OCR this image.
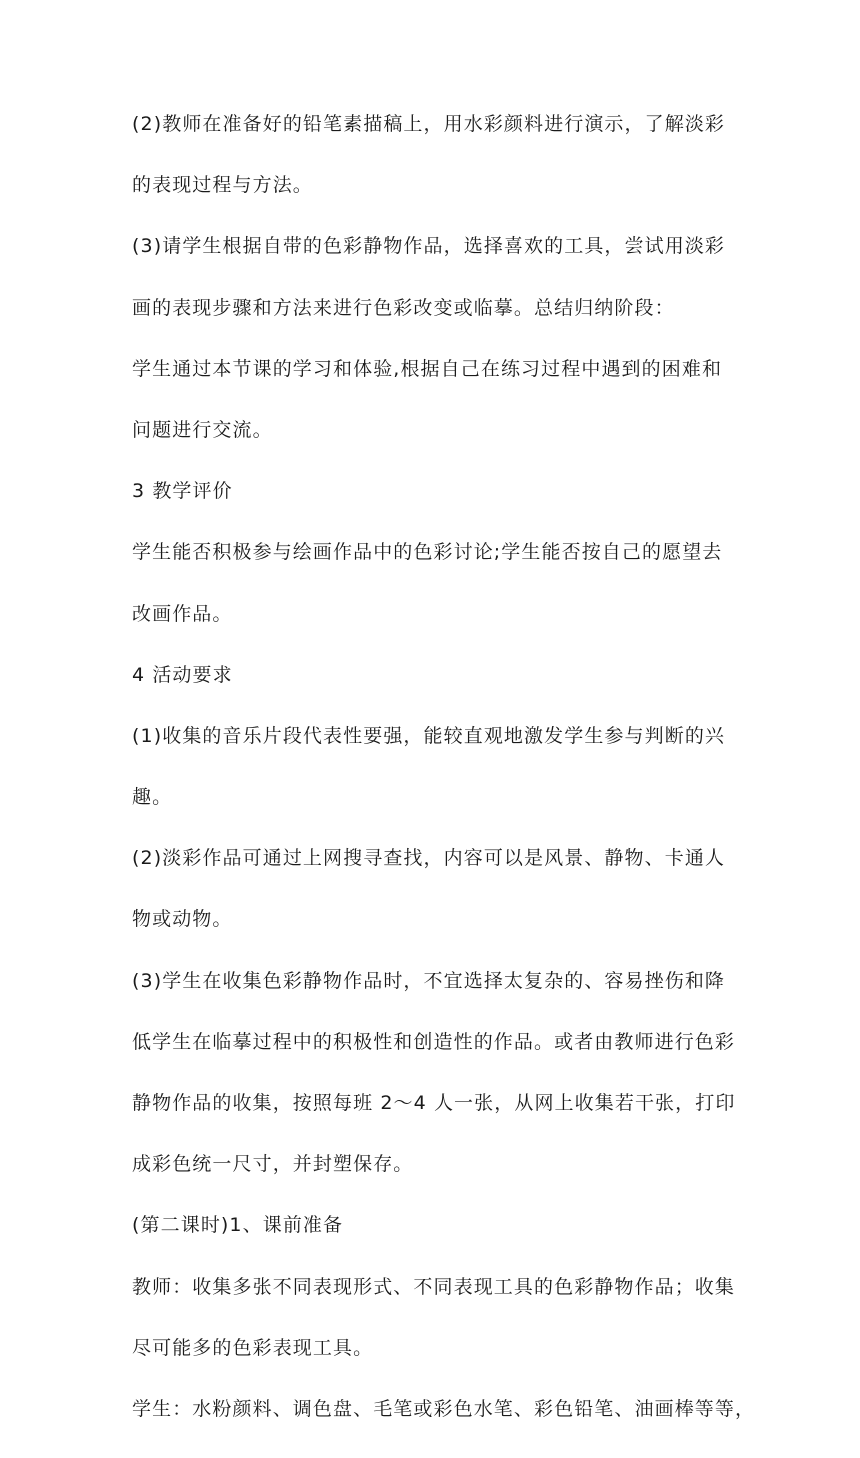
(2)教师在准备好的铅笔素描稿上，用水彩颜料进行演示，了解淡彩
的表现过程与方法。
(3)请学生根据自带的色彩静物作品，选择喜欢的工具，尝试用淡彩
画的表现步骤和方法来进行色彩改变或临摹。总结归纳阶段：
学生通过本节课的学习和体验,根据自己在练习过程中遇到的困难和
问题进行交流。
3 教学评价
学生能否积极参与绘画作品中的色彩讨论;学生能否按自己的愿望去
改画作品。
4 活动要求
(1)收集的音乐片段代表性要强，能较直观地激发学生参与判断的兴
趣。
(2)淡彩作品可通过上网搜寻查找，内容可以是风景、静物、卡通人
物或动物。
(3)学生在收集色彩静物作品时，不宜选择太复杂的、容易挫伤和降
低学生在临摹过程中的积极性和创造性的作品。或者由教师进行色彩
静物作品的收集，按照每班 2～4 人一张，从网上收集若干张，打印
成彩色统一尺寸，并封塑保存。
(第二课时)1、课前准备
教师：收集多张不同表现形式、不同表现工具的色彩静物作品；收集
尽可能多的色彩表现工具。
学生：水粉颜料、调色盘、毛笔或彩色水笔、彩色铅笔、油画棒等等，
